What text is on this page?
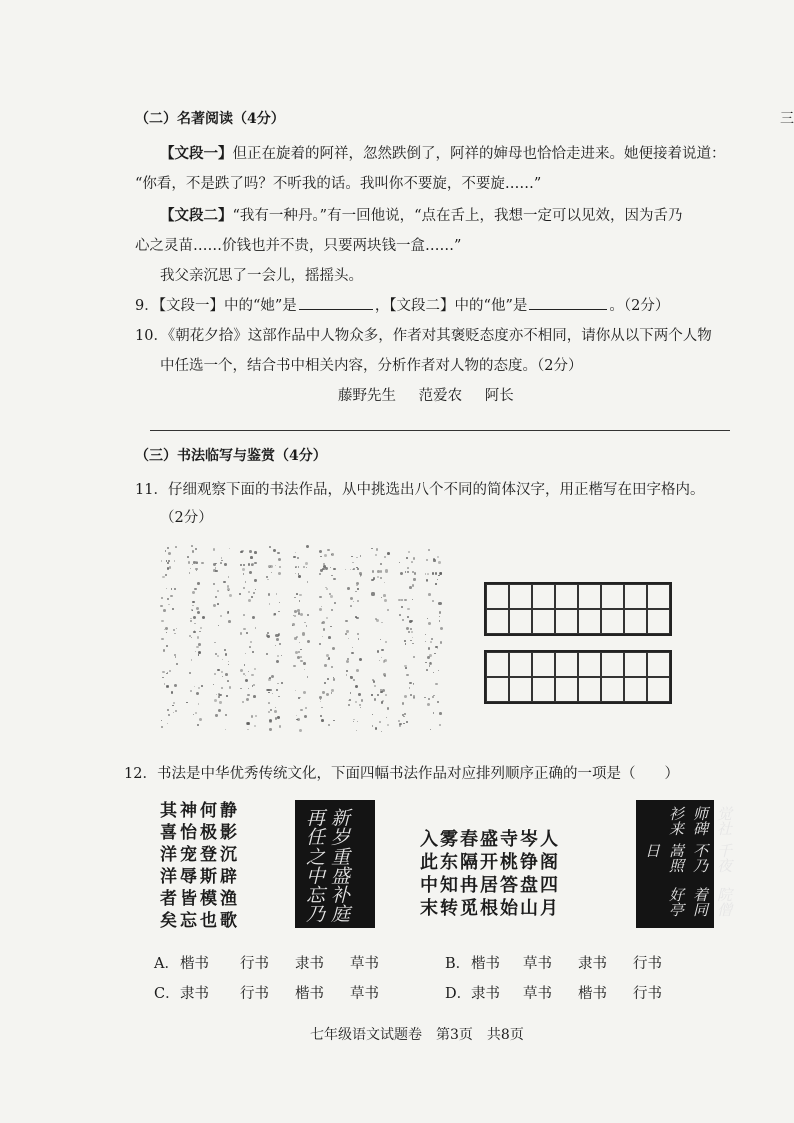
三
（二）名著阅读（4分）
【文段一】但正在旋着的阿祥，忽然跌倒了，阿祥的婶母也恰恰走进来。她便接着说道：
“你看，不是跌了吗？不听我的话。我叫你不要旋，不要旋……”
【文段二】“我有一种丹。”有一回他说，“点在舌上，我想一定可以见效，因为舌乃
心之灵苗……价钱也并不贵，只要两块钱一盒……”
我父亲沉思了一会儿，摇摇头。
9．【文段一】中的“她”是	，【文段二】中的“他”是	。（2分）
10．《朝花夕拾》这部作品中人物众多，作者对其褒贬态度亦不相同，请你从以下两个人物
中任选一个，结合书中相关内容，分析作者对人物的态度。（2分）
藤野先生 范爱农 阿长
（三）书法临写与鉴赏（4分）
11．仔细观察下面的书法作品，从中挑选出八个不同的简体汉字，用正楷写在田字格内。
（2分）
12．书法是中华优秀传统文化，下面四幅书法作品对应排列顺序正确的一项是（　　）
其神何静
喜怡极影
洋宠登沉
洋辱斯辟
者皆模渔
矣忘也歌	补庭忘乃
重盛之中
新岁再任	入雾春盛寺岑人
此东隔开桃铮阁
中知冉居答盘四
末转觅根始山月	院僧着同好亭
千夜不乃嵩照日
觉社师碑衫来
A．楷书 行书 隶书 草书	B．楷书 草书 隶书 行书
C．隶书 行书 楷书 草书	D．隶书 草书 楷书 行书
七年级语文试题卷　第3页　共8页
